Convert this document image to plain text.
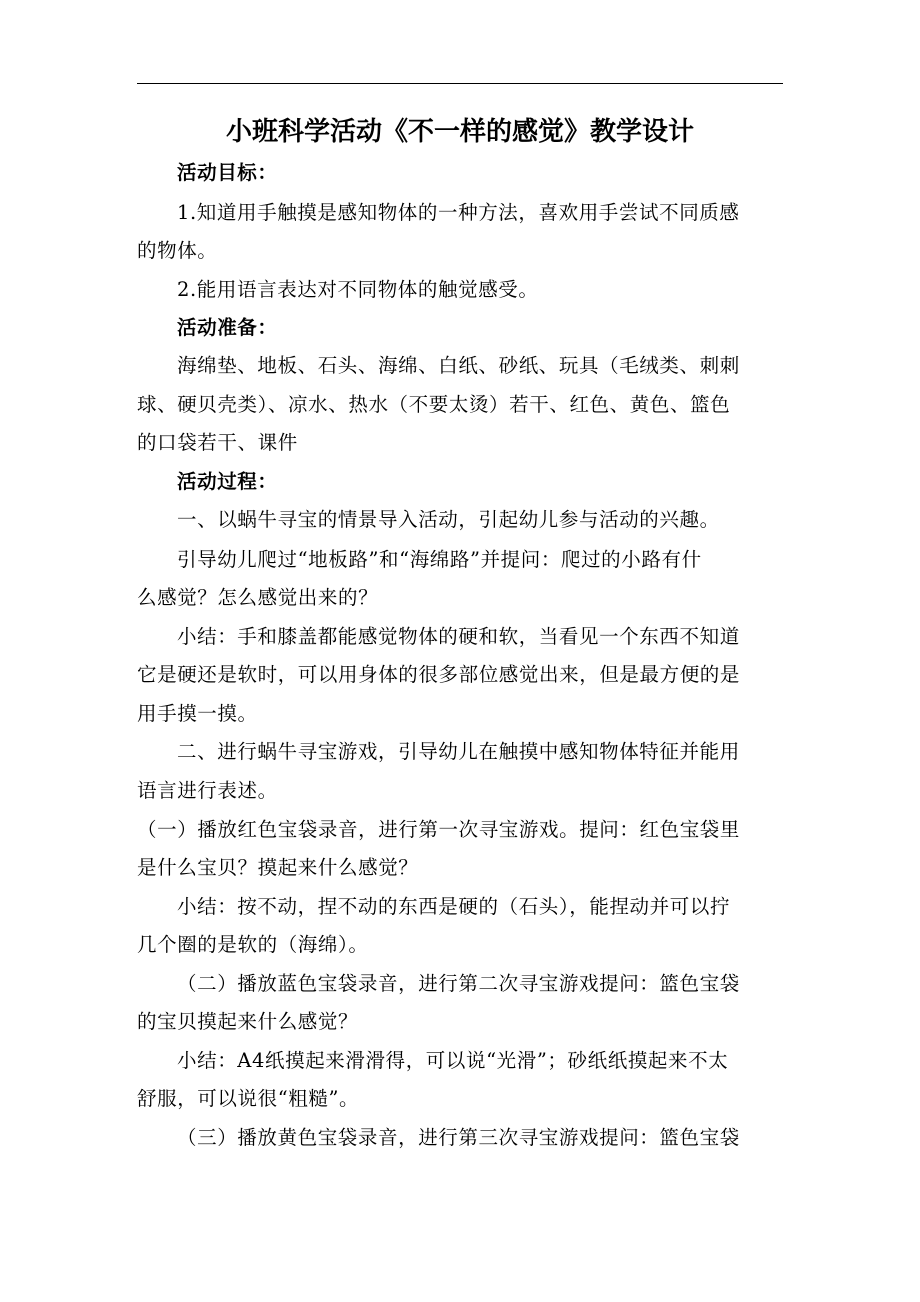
小班科学活动《不一样的感觉》教学设计
活动目标：
1.知道用手触摸是感知物体的一种方法，喜欢用手尝试不同质感
的物体。
2.能用语言表达对不同物体的触觉感受。
活动准备：
海绵垫、地板、石头、海绵、白纸、砂纸、玩具（毛绒类、刺刺
球、硬贝壳类）、凉水、热水（不要太烫）若干、红色、黄色、篮色
的口袋若干、课件
活动过程：
一、以蜗牛寻宝的情景导入活动，引起幼儿参与活动的兴趣。
引导幼儿爬过“地板路”和“海绵路”并提问：爬过的小路有什
么感觉？怎么感觉出来的？
小结：手和膝盖都能感觉物体的硬和软，当看见一个东西不知道
它是硬还是软时，可以用身体的很多部位感觉出来，但是最方便的是
用手摸一摸。
二、进行蜗牛寻宝游戏，引导幼儿在触摸中感知物体特征并能用
语言进行表述。
（一）播放红色宝袋录音，进行第一次寻宝游戏。提问：红色宝袋里
是什么宝贝？摸起来什么感觉？
小结：按不动，捏不动的东西是硬的（石头），能捏动并可以拧
几个圈的是软的（海绵）。
（二）播放蓝色宝袋录音，进行第二次寻宝游戏提问：篮色宝袋
的宝贝摸起来什么感觉？
小结：A4纸摸起来滑滑得，可以说“光滑”；砂纸纸摸起来不太
舒服，可以说很“粗糙”。
（三）播放黄色宝袋录音，进行第三次寻宝游戏提问：篮色宝袋
